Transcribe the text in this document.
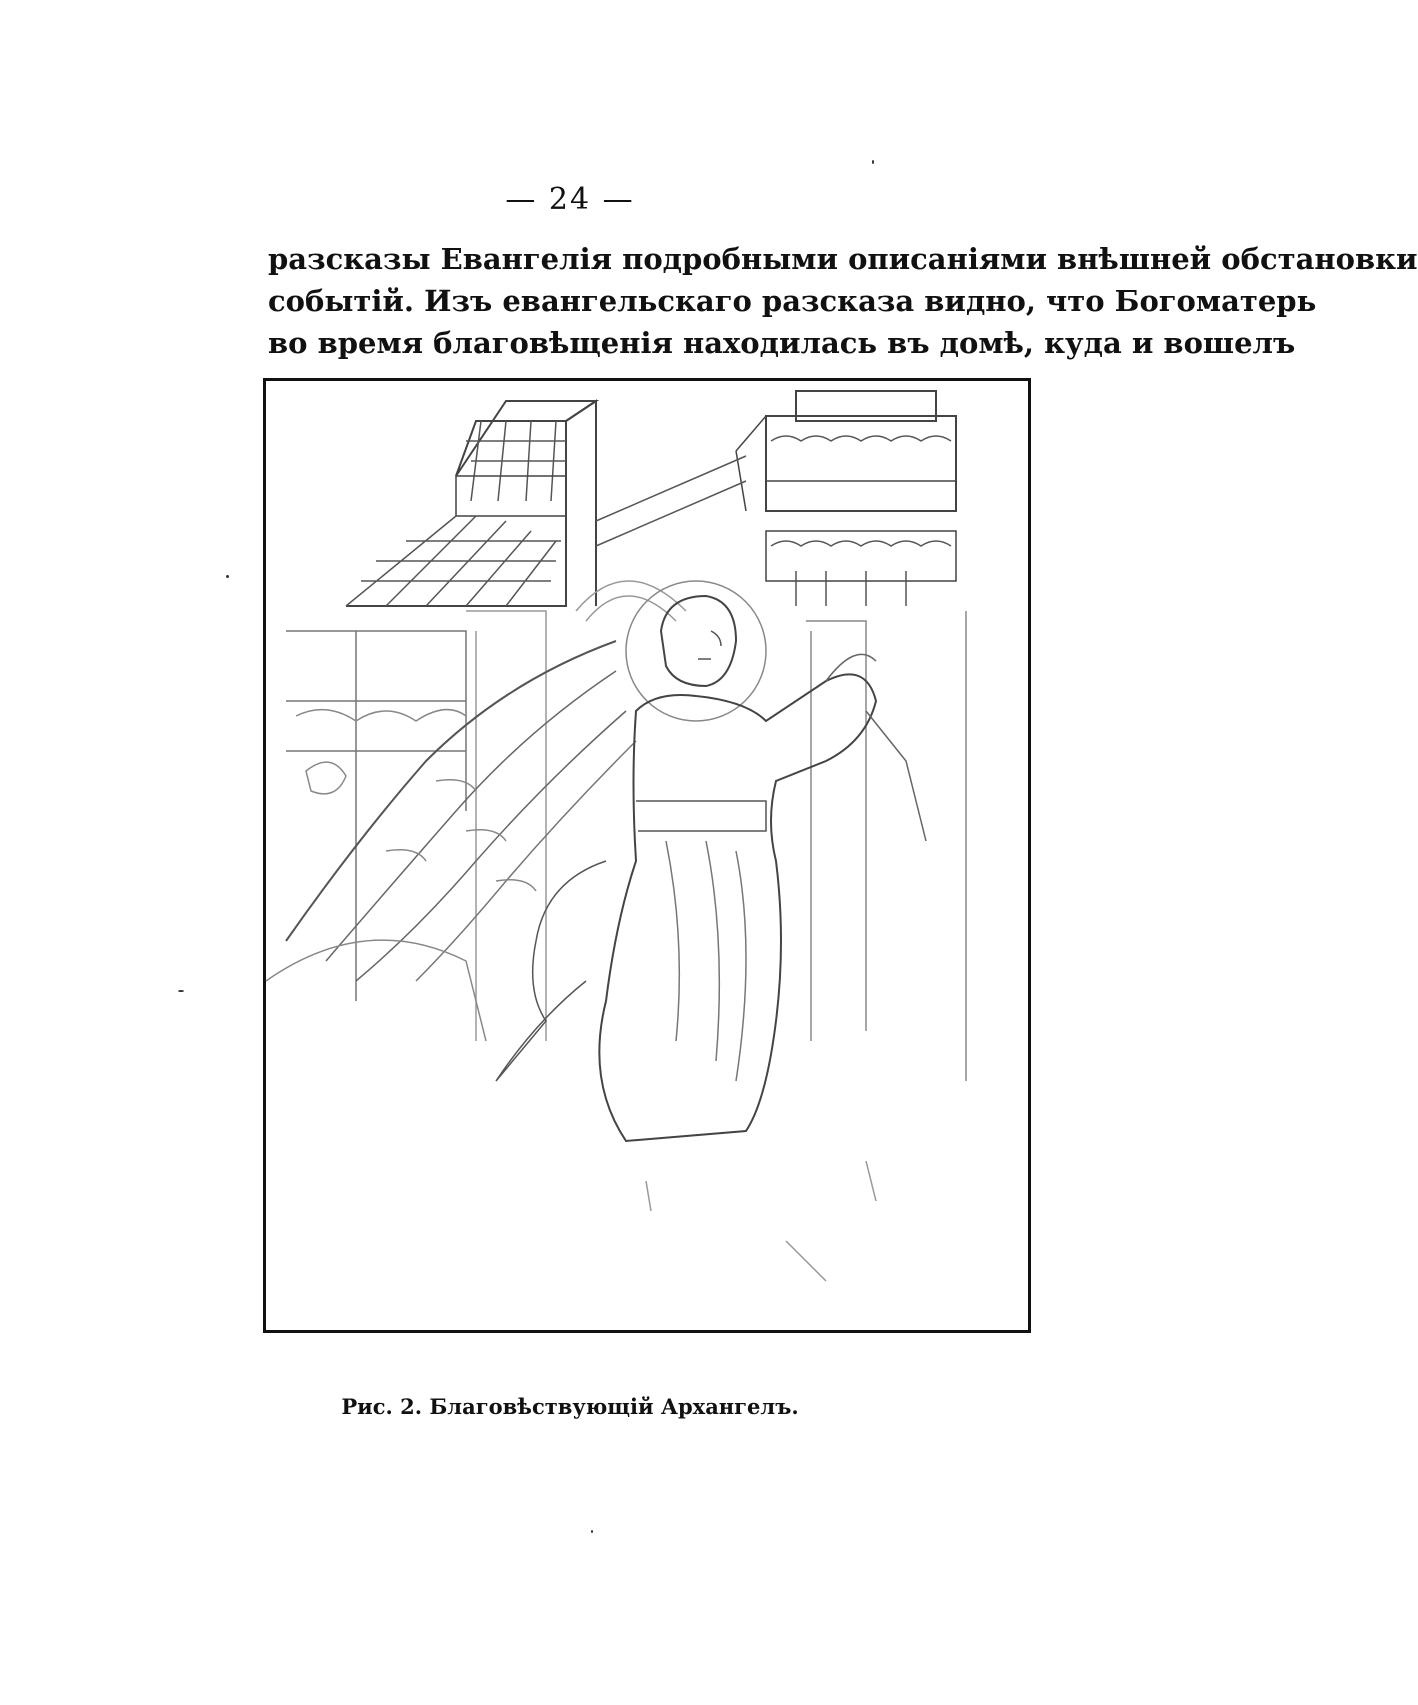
— 24 —
разсказы Евангелія подробными описаніями внѣшней обстановки
событій. Изъ евангельскаго разсказа видно, что Богоматерь
во время благовѣщенія находилась въ домѣ, куда и вошелъ
Рис. 2. Благовѣствующій Архангелъ.
